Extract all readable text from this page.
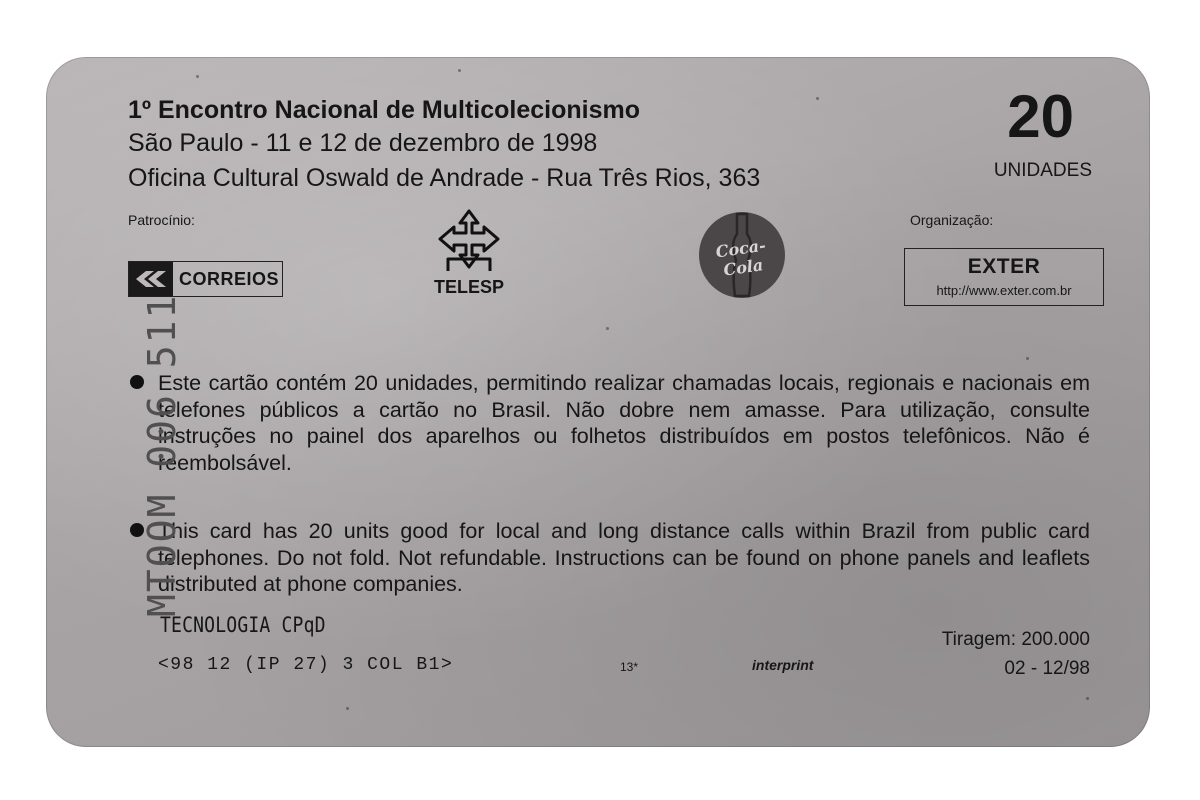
1º Encontro Nacional de Multicolecionismo
São Paulo - 11 e 12 de dezembro de 1998
Oficina Cultural Oswald de Andrade - Rua Três Rios, 363
20
UNIDADES
Patrocínio:	Organização:
CORREIOS	TELESP
Coca-Cola	EXTER
http://www.exter.com.br
Este cartão contém 20 unidades, permitindo realizar chamadas locais, regionais e nacionais em telefones públicos a cartão no Brasil. Não dobre nem amasse. Para utilização, consulte instruções no painel dos aparelhos ou folhetos distribuídos em postos telefônicos. Não é reembolsável.
This card has 20 units good for local and long distance calls within Brazil from public card telephones. Do not fold. Not refundable. Instructions can be found on phone panels and leaflets distributed at phone companies.
TECNOLOGIA CPqD
<98 12 (IP 27) 3 COL B1>	13*	interprint
Tiragem: 200.000
02 - 12/98
MTOOM 006 511
